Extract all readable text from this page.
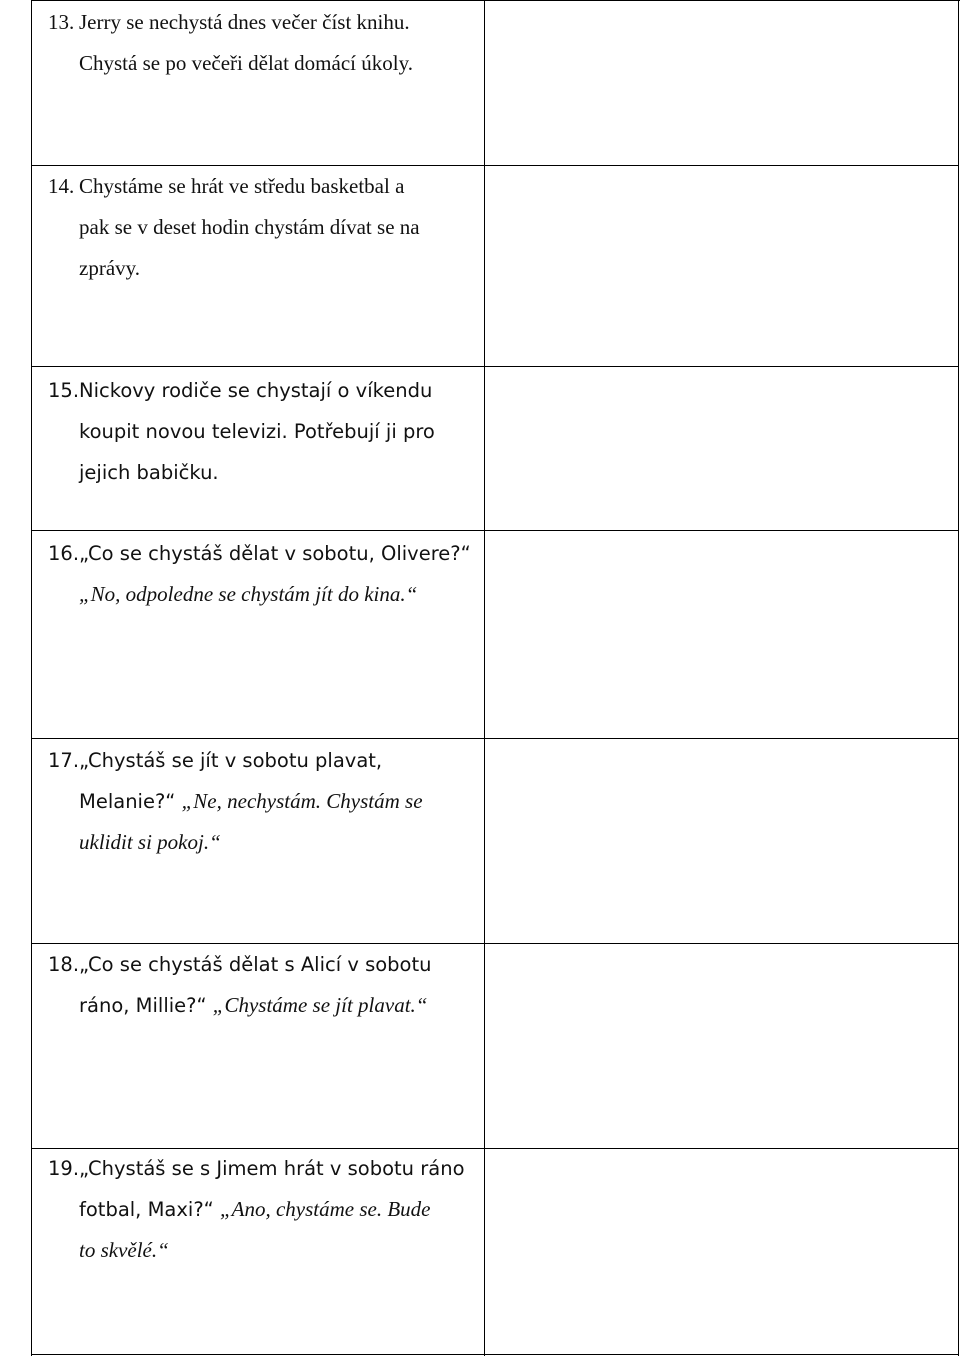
13. Jerry se nechystá dnes večer číst knihu.
Chystá se po večeři dělat domácí úkoly.
14. Chystáme se hrát ve středu basketbal a
pak se v deset hodin chystám dívat se na
zprávy.
15.Nickovy rodiče se chystají o víkendu
koupit novou televizi. Potřebují ji pro
jejich babičku.
16.„Co se chystáš dělat v sobotu, Olivere?“
„No, odpoledne se chystám jít do kina.“
17.„Chystáš se jít v sobotu plavat,
Melanie?“ „Ne, nechystám. Chystám se
uklidit si pokoj.“
18.„Co se chystáš dělat s Alicí v sobotu
ráno, Millie?“ „Chystáme se jít plavat.“
19.„Chystáš se s Jimem hrát v sobotu ráno
fotbal, Maxi?“ „Ano, chystáme se. Bude
to skvělé.“
